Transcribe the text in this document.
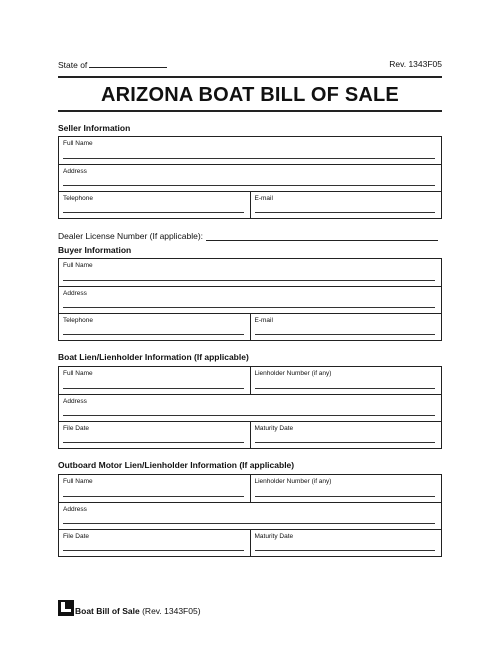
State of	Rev. 1343F05
ARIZONA BOAT BILL OF SALE
Seller Information
Full Name
Address
Telephone	E-mail
Dealer License Number (If applicable):
Buyer Information
Full Name
Address
Telephone	E-mail
Boat Lien/Lienholder Information (If applicable)
Full Name	Lienholder Number (if any)
Address
File Date	Maturity Date
Outboard Motor Lien/Lienholder Information (If applicable)
Full Name	Lienholder Number (if any)
Address
File Date	Maturity Date
Boat Bill of Sale
(Rev. 1343F05)
